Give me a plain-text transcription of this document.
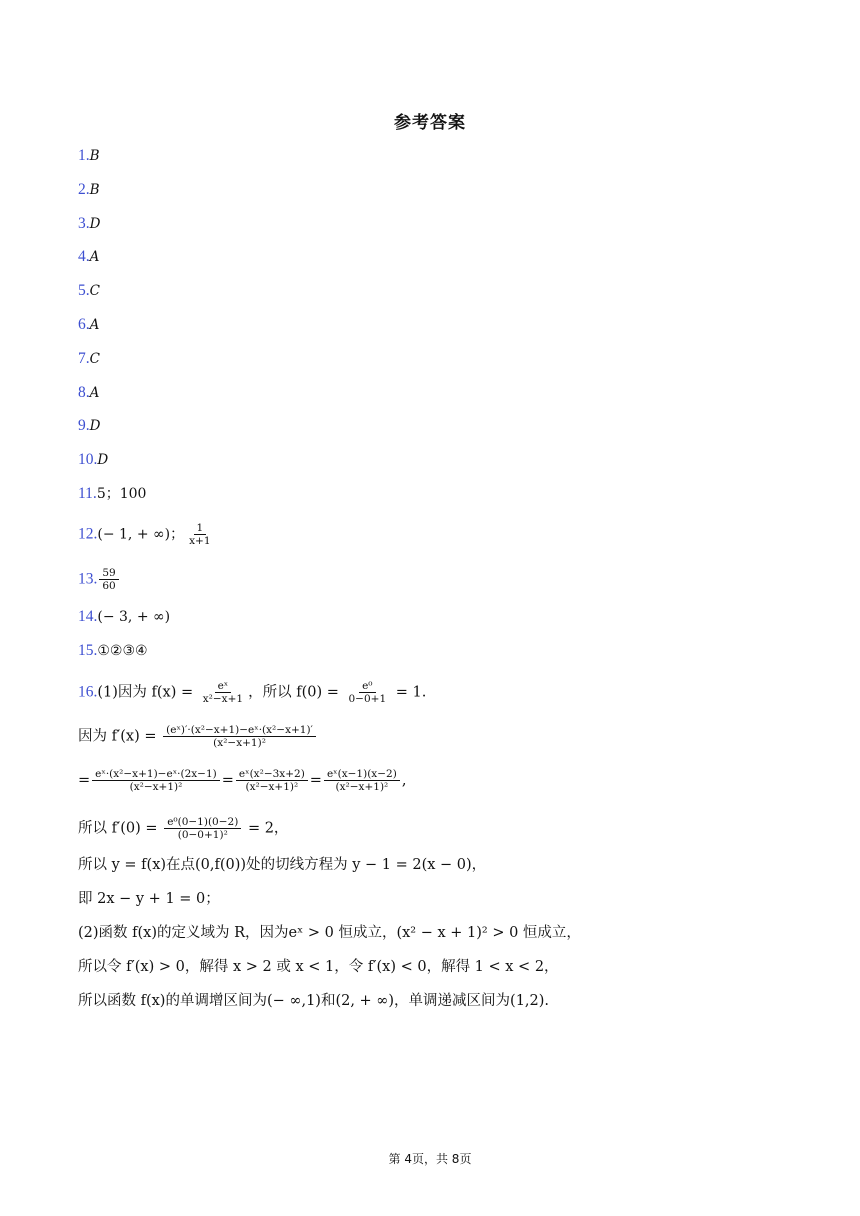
参考答案
1.B
2.B
3.D
4.A
5.C
6.A
7.C
8.A
9.D
10.D
11.5；100
12.(− 1, + ∞)； $\frac{1}{x+1}$
13. $\frac{59}{60}$
14.(− 3, + ∞)
15.①②③④
16.(1)因为 $f(x) = \frac{\text{eˣ}}{\text{x²−x+1}}$ ，所以 $f(0) = \frac{\text{e⁰}}{0-0+1} = 1$.
因为 $f'(x) = \frac{\text{(eˣ)′·(x²−x+1)−eˣ·(x²−x+1)′}}{\text{(x²−x+1)²}}$
= $\frac{\text{eˣ·(x²−x+1)−eˣ·(2x−1)}}{\text{(x²−x+1)²}} = \frac{\text{eˣ(x²−3x+2)}}{\text{(x²−x+1)²}} = \frac{\text{eˣ(x−1)(x−2)}}{\text{(x²−x+1)²}}$ ,
所以 $f'(0) = \frac{\text{e⁰(0−1)(0−2)}}{\text{(0−0+1)²}} = 2$，
所以 y = f(x)在点(0,f(0))处的切线方程为 y − 1 = 2(x − 0)，
即 2x − y + 1 = 0；
(2)函数 f(x)的定义域为 R，因为eˣ > 0 恒成立，(x² − x + 1)² > 0 恒成立，
所以令 f′(x) > 0，解得 x > 2 或 x < 1，令 f′(x) < 0，解得 1 < x < 2，
所以函数 f(x)的单调增区间为(− ∞,1)和(2, + ∞)，单调递减区间为(1,2).
第 4页，共 8页
